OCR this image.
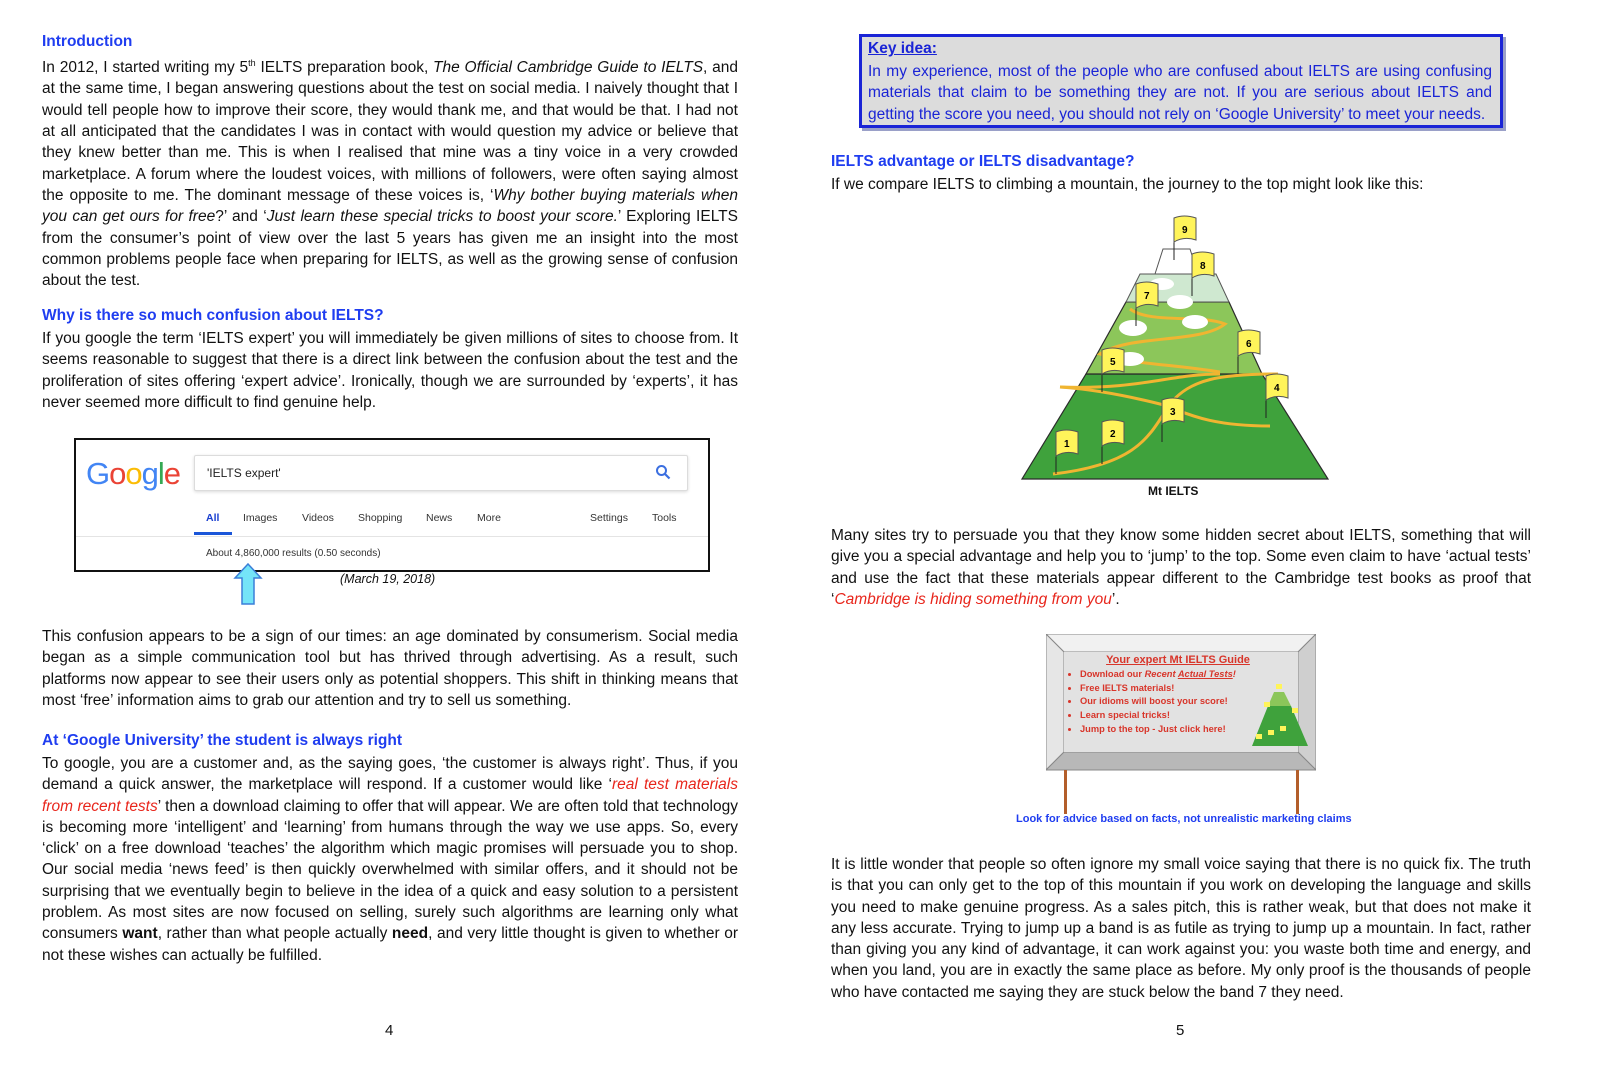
Introduction

In 2012, I started writing my 5th IELTS preparation book, The Official Cambridge Guide to IELTS, and at the same time, I began answering questions about the test on social media. I naively thought that I would tell people how to improve their score, they would thank me, and that would be that. I had not at all anticipated that the candidates I was in contact with would question my advice or believe that they knew better than me. This is when I realised that mine was a tiny voice in a very crowded marketplace. A forum where the loudest voices, with millions of followers, were often saying almost the opposite to me. The dominant message of these voices is, ‘Why bother buying materials when you can get ours for free?’ and ‘Just learn these special tricks to boost your score.’ Exploring IELTS from the consumer’s point of view over the last 5 years has given me an insight into the most common problems people face when preparing for IELTS, as well as the growing sense of confusion about the test.

Why is there so much confusion about IELTS?

If you google the term ‘IELTS expert’ you will immediately be given millions of sites to choose from. It seems reasonable to suggest that there is a direct link between the confusion about the test and the proliferation of sites offering ‘expert advice’. Ironically, though we are surrounded by ‘experts’, it has never seemed more difficult to find genuine help.

Google 'IELTS expert'
All Images Videos Shopping News More	Settings Tools
About 4,860,000 results (0.50 seconds)
(March 19, 2018)

This confusion appears to be a sign of our times: an age dominated by consumerism. Social media began as a simple communication tool but has thrived through advertising. As a result, such platforms now appear to see their users only as potential shoppers. This shift in thinking means that most ‘free’ information aims to grab our attention and try to sell us something.

At ‘Google University’ the student is always right

To google, you are a customer and, as the saying goes, ‘the customer is always right’. Thus, if you demand a quick answer, the marketplace will respond. If a customer would like ‘real test materials from recent tests’ then a download claiming to offer that will appear. We are often told that technology is becoming more ‘intelligent’ and ‘learning’ from humans through the way we use apps. So, every ‘click’ on a free download ‘teaches’ the algorithm which magic promises will persuade you to shop. Our social media ‘news feed’ is then quickly overwhelmed with similar offers, and it should not be surprising that we eventually begin to believe in the idea of a quick and easy solution to a persistent problem. As most sites are now focused on selling, surely such algorithms are learning only what consumers want, rather than what people actually need, and very little thought is given to whether or not these wishes can actually be fulfilled.

4
Key idea:
In my experience, most of the people who are confused about IELTS are using confusing materials that claim to be something they are not. If you are serious about IELTS and getting the score you need, you should not rely on ‘Google University’ to meet your needs.
IELTS advantage or IELTS disadvantage?

If we compare IELTS to climbing a mountain, the journey to the top might look like this:

1
2
3
4
5
6
7
8
9
Mt IELTS

Many sites try to persuade you that they know some hidden secret about IELTS, something that will give you a special advantage and help you to ‘jump’ to the top. Some even claim to have ‘actual tests’ and use the fact that these materials appear different to the Cambridge test books as proof that ‘Cambridge is hiding something from you’.

Your expert Mt IELTS Guide
• Download our Recent Actual Tests!
• Free IELTS materials!
• Our idioms will boost your score!
• Learn special tricks!
• Jump to the top - Just click here!
Look for advice based on facts, not unrealistic marketing claims

It is little wonder that people so often ignore my small voice saying that there is no quick fix. The truth is that you can only get to the top of this mountain if you work on developing the language and skills you need to make genuine progress. As a sales pitch, this is rather weak, but that does not make it any less accurate. Trying to jump up a band is as futile as trying to jump up a mountain. In fact, rather than giving you any kind of advantage, it can work against you: you waste both time and energy, and when you land, you are in exactly the same place as before. My only proof is the thousands of people who have contacted me saying they are stuck below the band 7 they need.

5
